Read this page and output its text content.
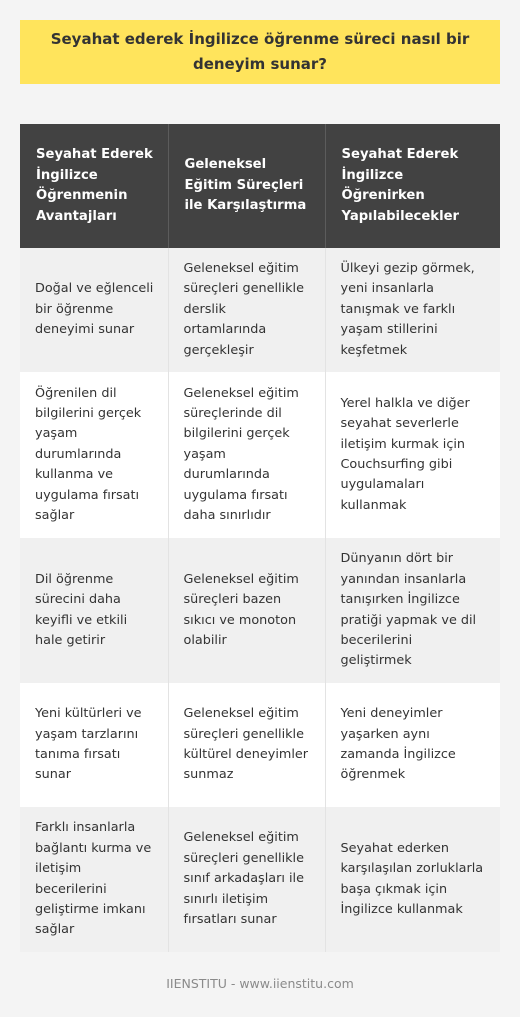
Seyahat ederek İngilizce öğrenme süreci nasıl bir deneyim sunar?
Seyahat Ederek İngilizce Öğrenmenin Avantajları	Geleneksel Eğitim Süreçleri ile Karşılaştırma	Seyahat Ederek İngilizce Öğrenirken Yapılabilecekler
Doğal ve eğlenceli bir öğrenme deneyimi sunar	Geleneksel eğitim süreçleri genellikle derslik ortamlarında gerçekleşir	Ülkeyi gezip görmek, yeni insanlarla tanışmak ve farklı yaşam stillerini keşfetmek
Öğrenilen dil bilgilerini gerçek yaşam durumlarında kullanma ve uygulama fırsatı sağlar	Geleneksel eğitim süreçlerinde dil bilgilerini gerçek yaşam durumlarında uygulama fırsatı daha sınırlıdır	Yerel halkla ve diğer seyahat severlerle iletişim kurmak için Couchsurfing gibi uygulamaları kullanmak
Dil öğrenme sürecini daha keyifli ve etkili hale getirir	Geleneksel eğitim süreçleri bazen sıkıcı ve monoton olabilir	Dünyanın dört bir yanından insanlarla tanışırken İngilizce pratiği yapmak ve dil becerilerini geliştirmek
Yeni kültürleri ve yaşam tarzlarını tanıma fırsatı sunar	Geleneksel eğitim süreçleri genellikle kültürel deneyimler sunmaz	Yeni deneyimler yaşarken aynı zamanda İngilizce öğrenmek
Farklı insanlarla bağlantı kurma ve iletişim becerilerini geliştirme imkanı sağlar	Geleneksel eğitim süreçleri genellikle sınıf arkadaşları ile sınırlı iletişim fırsatları sunar	Seyahat ederken karşılaşılan zorluklarla başa çıkmak için İngilizce kullanmak
IIENSTITU - www.iienstitu.com
